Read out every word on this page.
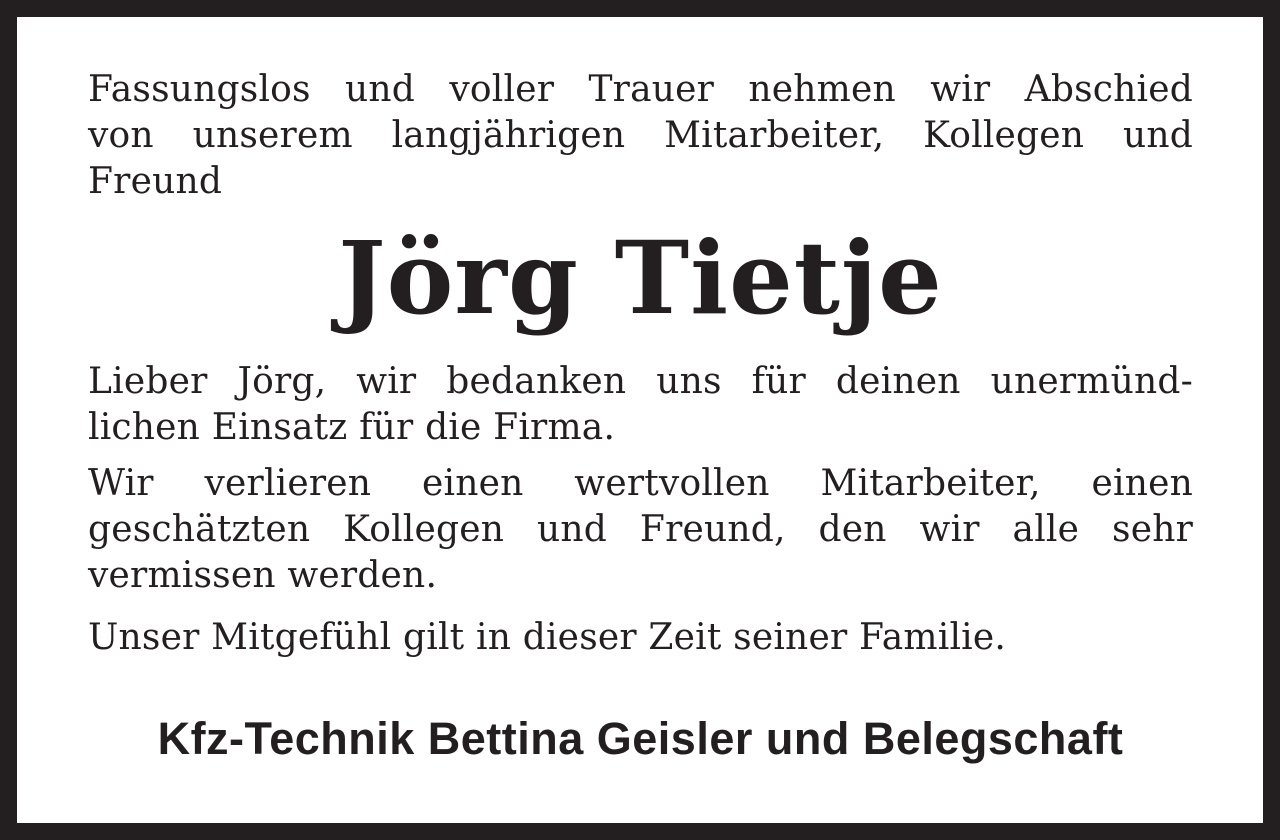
Fassungslos und voller Trauer nehmen wir Abschied
von unserem langjährigen Mitarbeiter, Kollegen und
Freund

Jörg Tietje

Lieber Jörg, wir bedanken uns für deinen unermünd-
lichen Einsatz für die Firma.

Wir verlieren einen wertvollen Mitarbeiter, einen
geschätzten Kollegen und Freund, den wir alle sehr
vermissen werden.

Unser Mitgefühl gilt in dieser Zeit seiner Familie.

Kfz-Technik Bettina Geisler und Belegschaft
